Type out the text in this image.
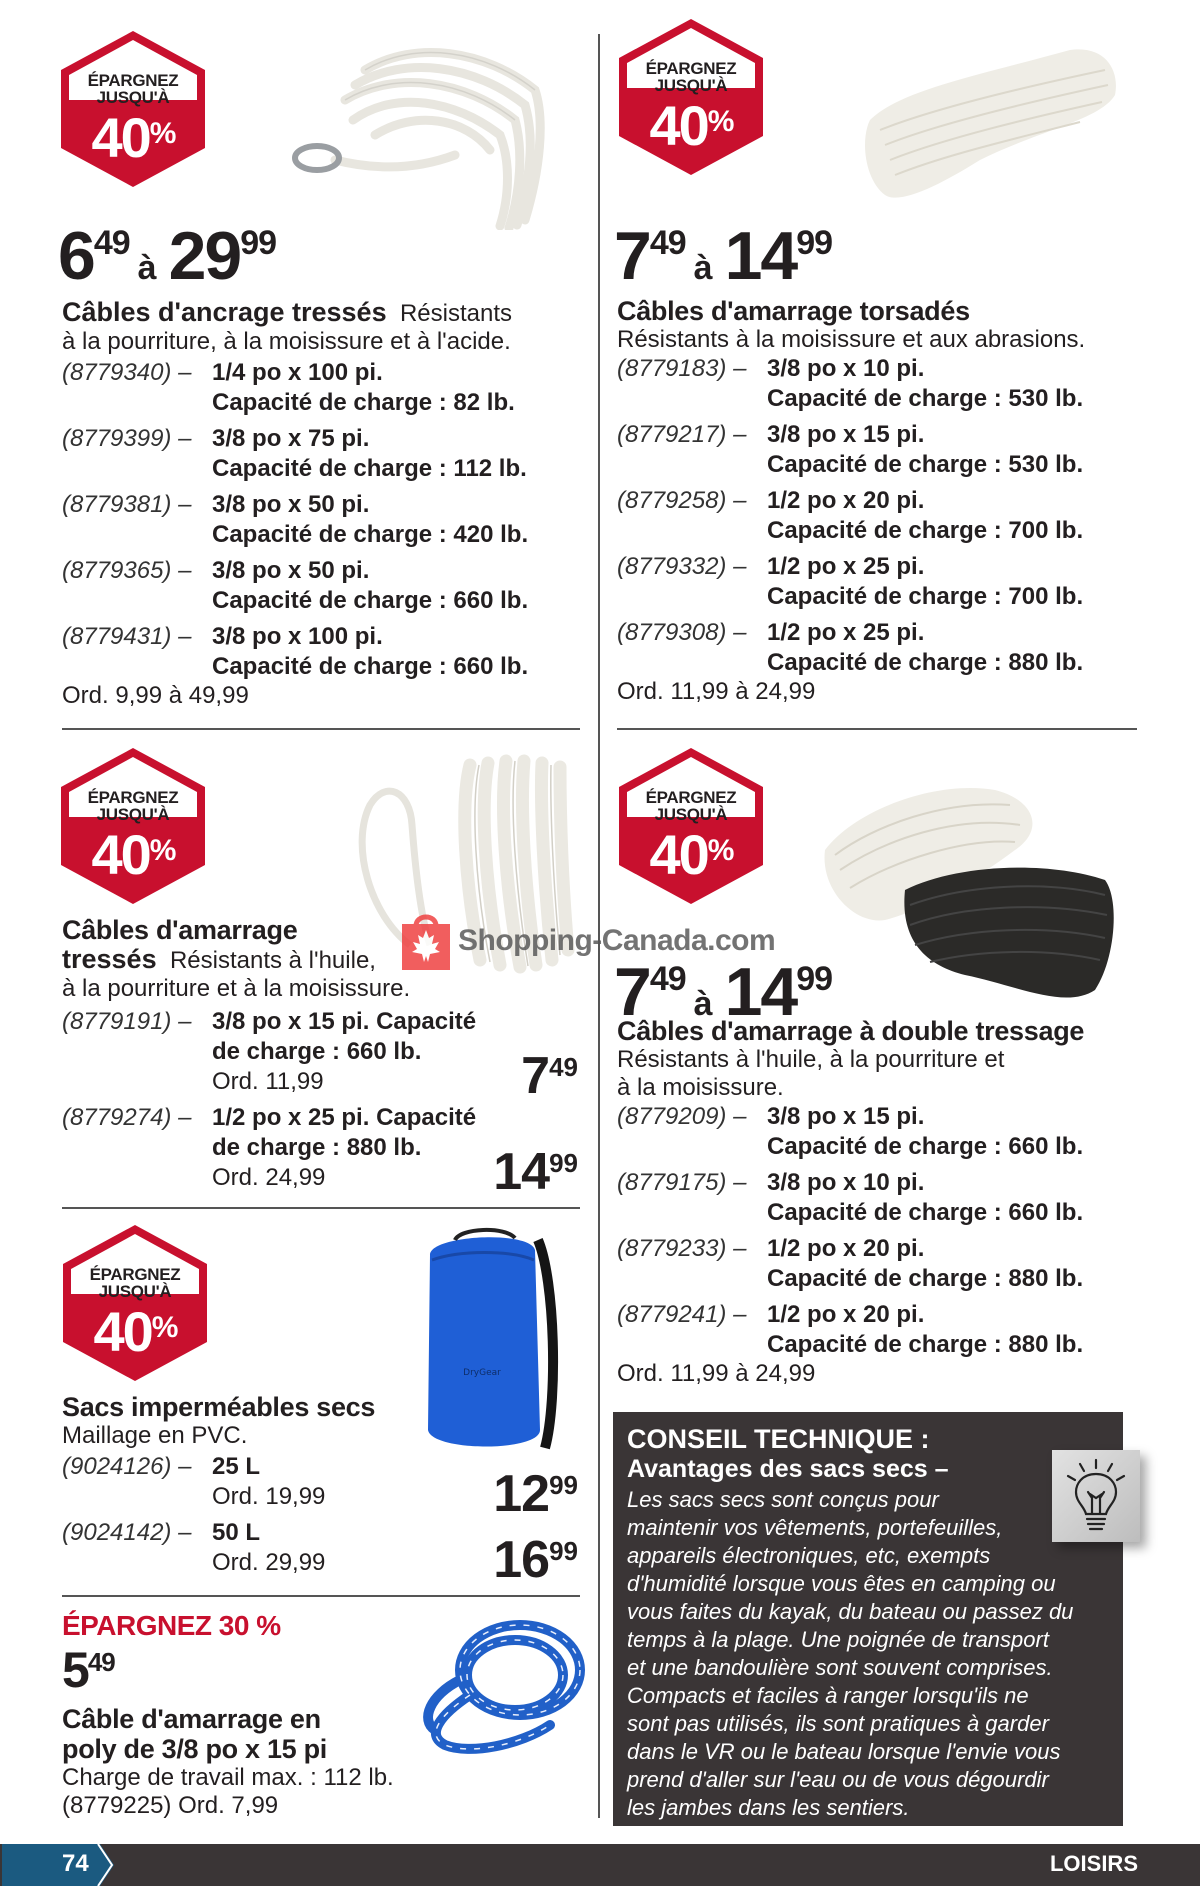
ÉPARGNEZ
JUSQU'À
40%
649à 2999
Câbles d'ancrage tressés Résistants
à la pourriture, à la moisissure et à l'acide.
(8779340) – 1/4 po x 100 pi.
Capacité de charge : 82 lb.
(8779399) – 3/8 po x 75 pi.
Capacité de charge : 112 lb.
(8779381) – 3/8 po x 50 pi.
Capacité de charge : 420 lb.
(8779365) – 3/8 po x 50 pi.
Capacité de charge : 660 lb.
(8779431) – 3/8 po x 100 pi.
Capacité de charge : 660 lb.
Ord. 9,99 à 49,99
ÉPARGNEZ
JUSQU'À
40%
749à 1499
Câbles d'amarrage torsadés
Résistants à la moisissure et aux abrasions.
(8779183) – 3/8 po x 10 pi.
Capacité de charge : 530 lb.
(8779217) – 3/8 po x 15 pi.
Capacité de charge : 530 lb.
(8779258) – 1/2 po x 20 pi.
Capacité de charge : 700 lb.
(8779332) – 1/2 po x 25 pi.
Capacité de charge : 700 lb.
(8779308) – 1/2 po x 25 pi.
Capacité de charge : 880 lb.
Ord. 11,99 à 24,99
ÉPARGNEZ
JUSQU'À
40%
Câbles d'amarrage
tressés Résistants à l'huile,
à la pourriture et à la moisissure.
(8779191) – 3/8 po x 15 pi. Capacité
de charge : 660 lb.
Ord. 11,99
(8779274) – 1/2 po x 25 pi. Capacité
de charge : 880 lb.
Ord. 24,99
749
1499
ÉPARGNEZ
JUSQU'À
40%
749à 1499
Câbles d'amarrage à double tressage
Résistants à l'huile, à la pourriture et
à la moisissure.
(8779209) – 3/8 po x 15 pi.
Capacité de charge : 660 lb.
(8779175) – 3/8 po x 10 pi.
Capacité de charge : 660 lb.
(8779233) – 1/2 po x 20 pi.
Capacité de charge : 880 lb.
(8779241) – 1/2 po x 20 pi.
Capacité de charge : 880 lb.
Ord. 11,99 à 24,99
ÉPARGNEZ
JUSQU'À
40%
DryGear
Sacs imperméables secs
Maillage en PVC.
(9024126) – 25 L
Ord. 19,99
(9024142) – 50 L
Ord. 29,99
1299
1699
ÉPARGNEZ 30 %
549
Câble d'amarrage en
poly de 3/8 po x 15 pi
Charge de travail max. : 112 lb.
(8779225) Ord. 7,99
CONSEIL TECHNIQUE :
Avantages des sacs secs –
Les sacs secs sont conçus pour
maintenir vos vêtements, portefeuilles,
appareils électroniques, etc, exempts
d'humidité lorsque vous êtes en camping ou
vous faites du kayak, du bateau ou passez du
temps à la plage. Une poignée de transport
et une bandoulière sont souvent comprises.
Compacts et faciles à ranger lorsqu'ils ne
sont pas utilisés, ils sont pratiques à garder
dans le VR ou le bateau lorsque l'envie vous
prend d'aller sur l'eau ou de vous dégourdir
les jambes dans les sentiers.
Shopping-Canada.com
74	LOISIRS
